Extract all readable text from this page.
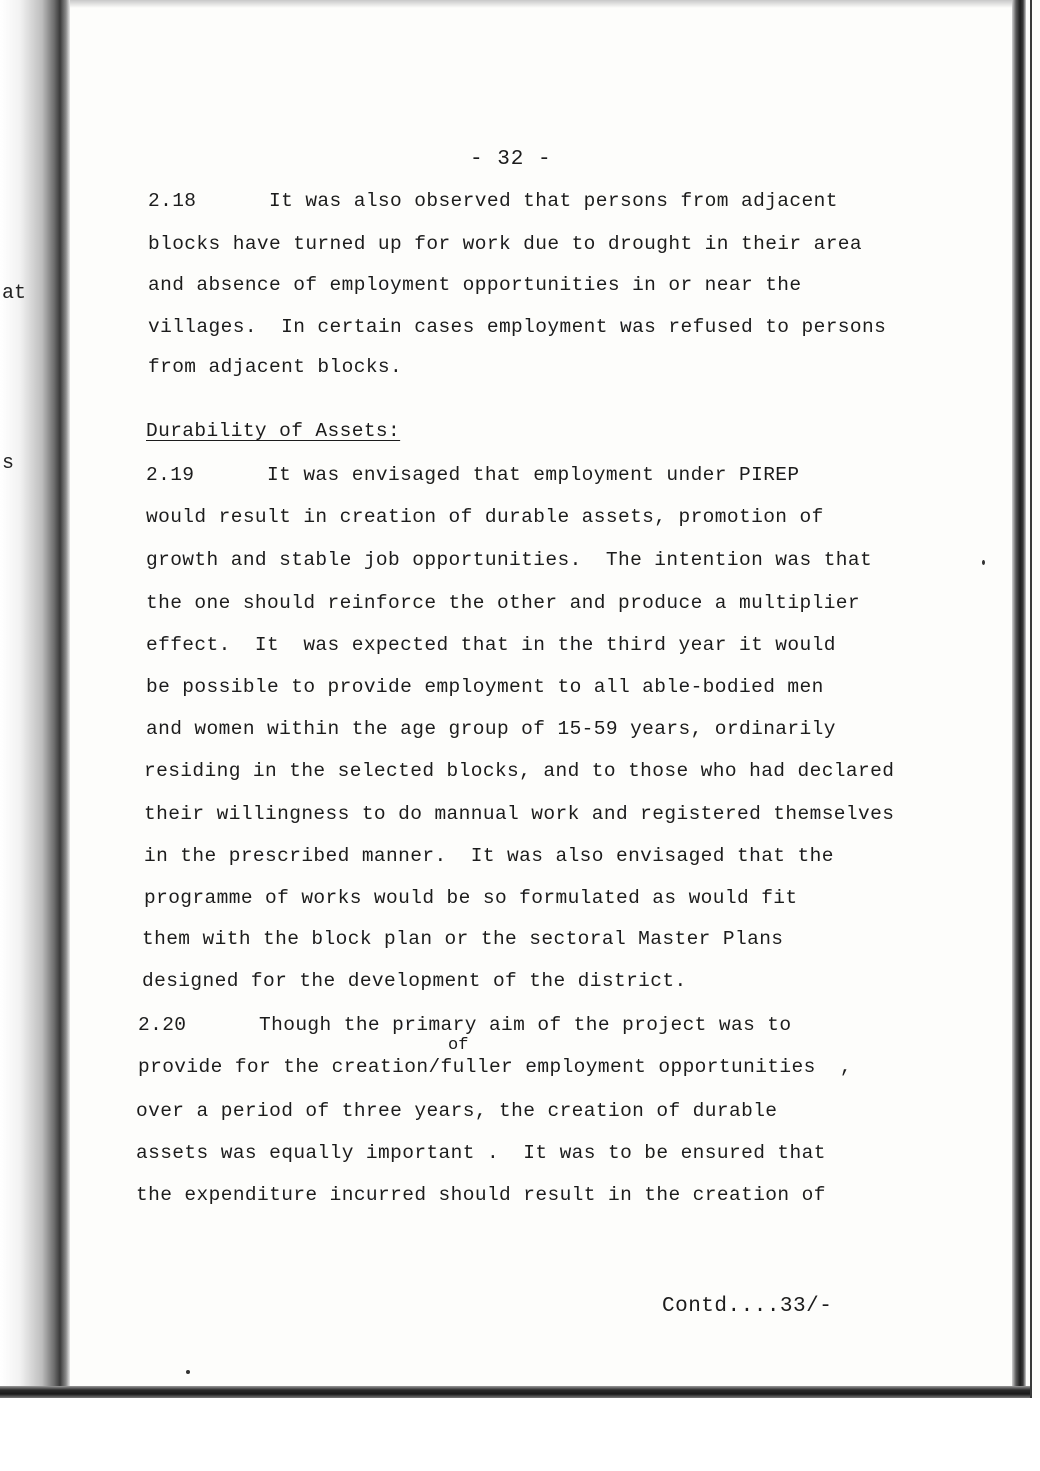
at
s
- 32 -
2.18      It was also observed that persons from adjacent
blocks have turned up for work due to drought in their area
and absence of employment opportunities in or near the
villages.  In certain cases employment was refused to persons
from adjacent blocks.
Durability of Assets:
2.19      It was envisaged that employment under PIREP
would result in creation of durable assets, promotion of
growth and stable job opportunities.  The intention was that
the one should reinforce the other and produce a multiplier
effect.  It  was expected that in the third year it would
be possible to provide employment to all able-bodied men
and women within the age group of 15-59 years, ordinarily
residing in the selected blocks, and to those who had declared
their willingness to do mannual work and registered themselves
in the prescribed manner.  It was also envisaged that the
programme of works would be so formulated as would fit
them with the block plan or the sectoral Master Plans
designed for the development of the district.
2.20      Though the primary aim of the project was to
of
provide for the creation/fuller employment opportunities  ,
over a period of three years, the creation of durable
assets was equally important .  It was to be ensured that
the expenditure incurred should result in the creation of
Contd....33/-
